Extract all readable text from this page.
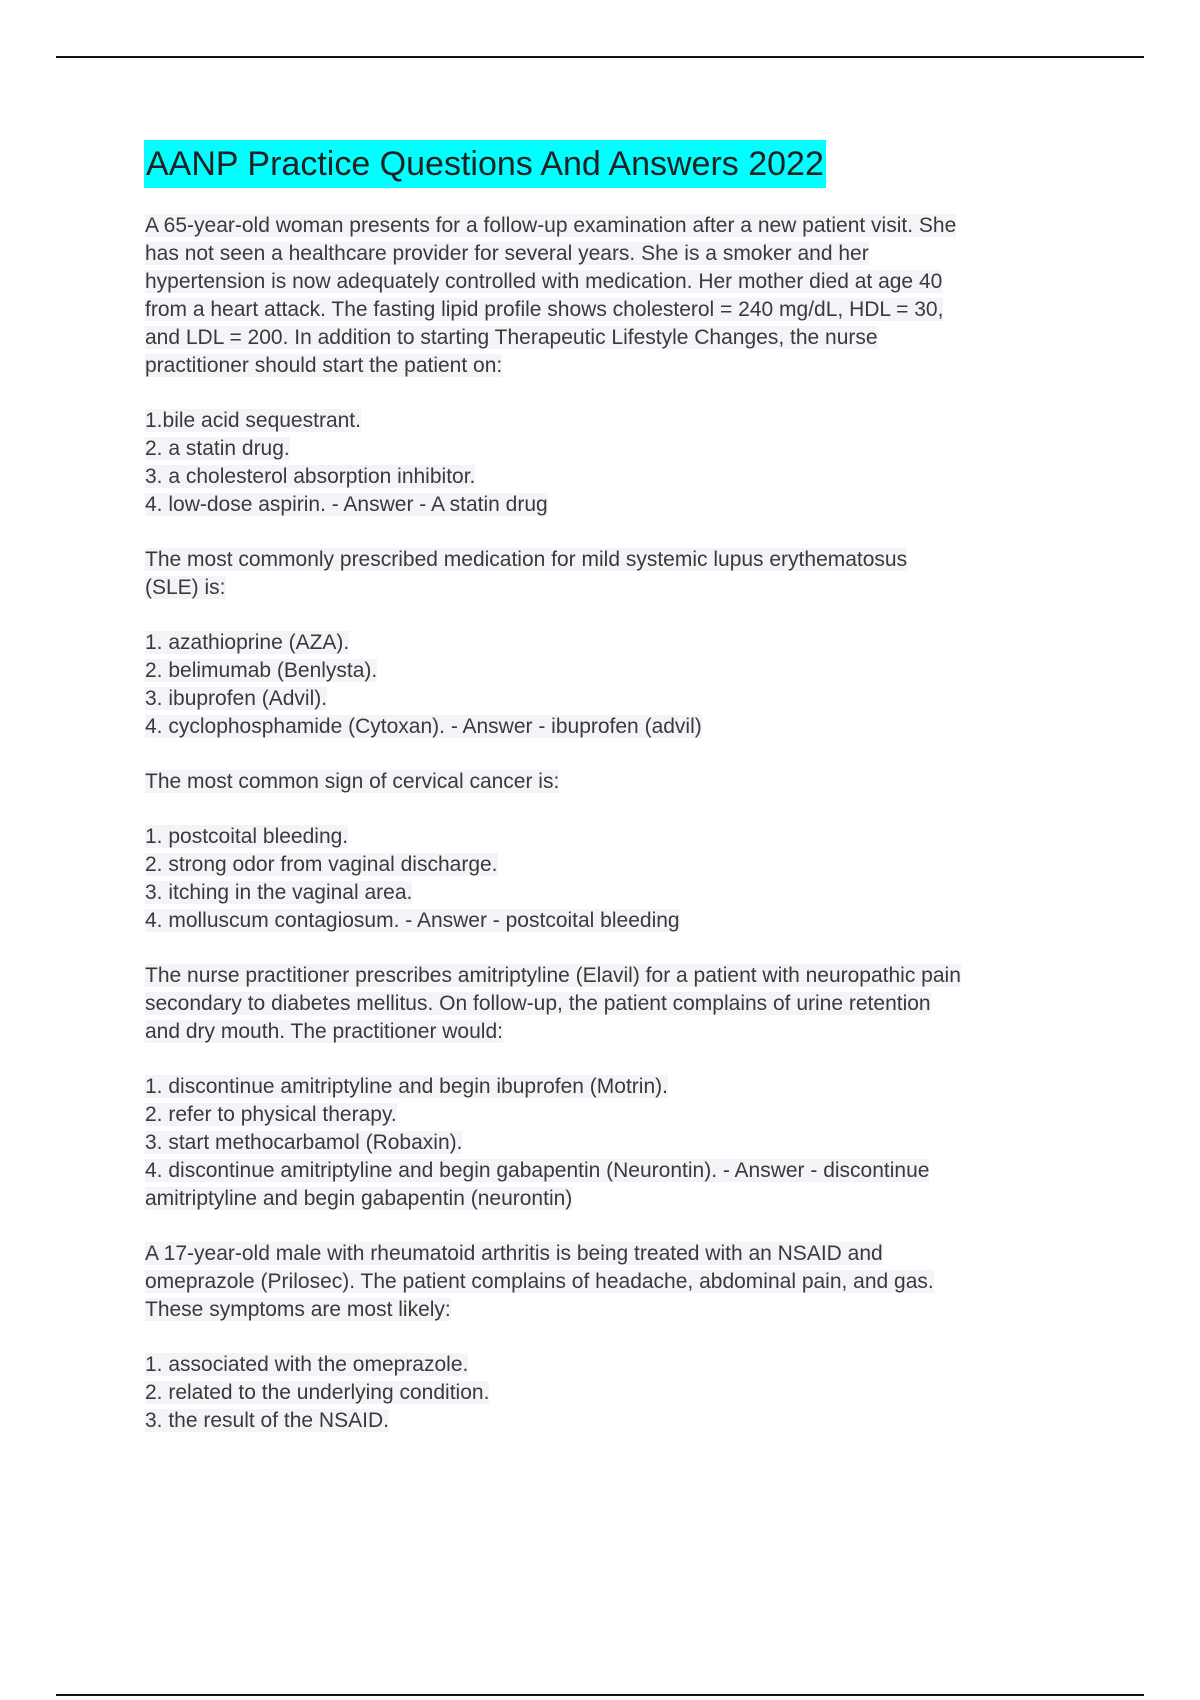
AANP Practice Questions And Answers 2022
A 65-year-old woman presents for a follow-up examination after a new patient visit. She
has not seen a healthcare provider for several years. She is a smoker and her
hypertension is now adequately controlled with medication. Her mother died at age 40
from a heart attack. The fasting lipid profile shows cholesterol = 240 mg/dL, HDL = 30,
and LDL = 200. In addition to starting Therapeutic Lifestyle Changes, the nurse
practitioner should start the patient on:
1.bile acid sequestrant.
2. a statin drug.
3. a cholesterol absorption inhibitor.
4. low-dose aspirin. - Answer - A statin drug
The most commonly prescribed medication for mild systemic lupus erythematosus
(SLE) is:
1. azathioprine (AZA).
2. belimumab (Benlysta).
3. ibuprofen (Advil).
4. cyclophosphamide (Cytoxan). - Answer - ibuprofen (advil)
The most common sign of cervical cancer is:
1. postcoital bleeding.
2. strong odor from vaginal discharge.
3. itching in the vaginal area.
4. molluscum contagiosum. - Answer - postcoital bleeding
The nurse practitioner prescribes amitriptyline (Elavil) for a patient with neuropathic pain
secondary to diabetes mellitus. On follow-up, the patient complains of urine retention
and dry mouth. The practitioner would:
1. discontinue amitriptyline and begin ibuprofen (Motrin).
2. refer to physical therapy.
3. start methocarbamol (Robaxin).
4. discontinue amitriptyline and begin gabapentin (Neurontin). - Answer - discontinue
amitriptyline and begin gabapentin (neurontin)
A 17-year-old male with rheumatoid arthritis is being treated with an NSAID and
omeprazole (Prilosec). The patient complains of headache, abdominal pain, and gas.
These symptoms are most likely:
1. associated with the omeprazole.
2. related to the underlying condition.
3. the result of the NSAID.
